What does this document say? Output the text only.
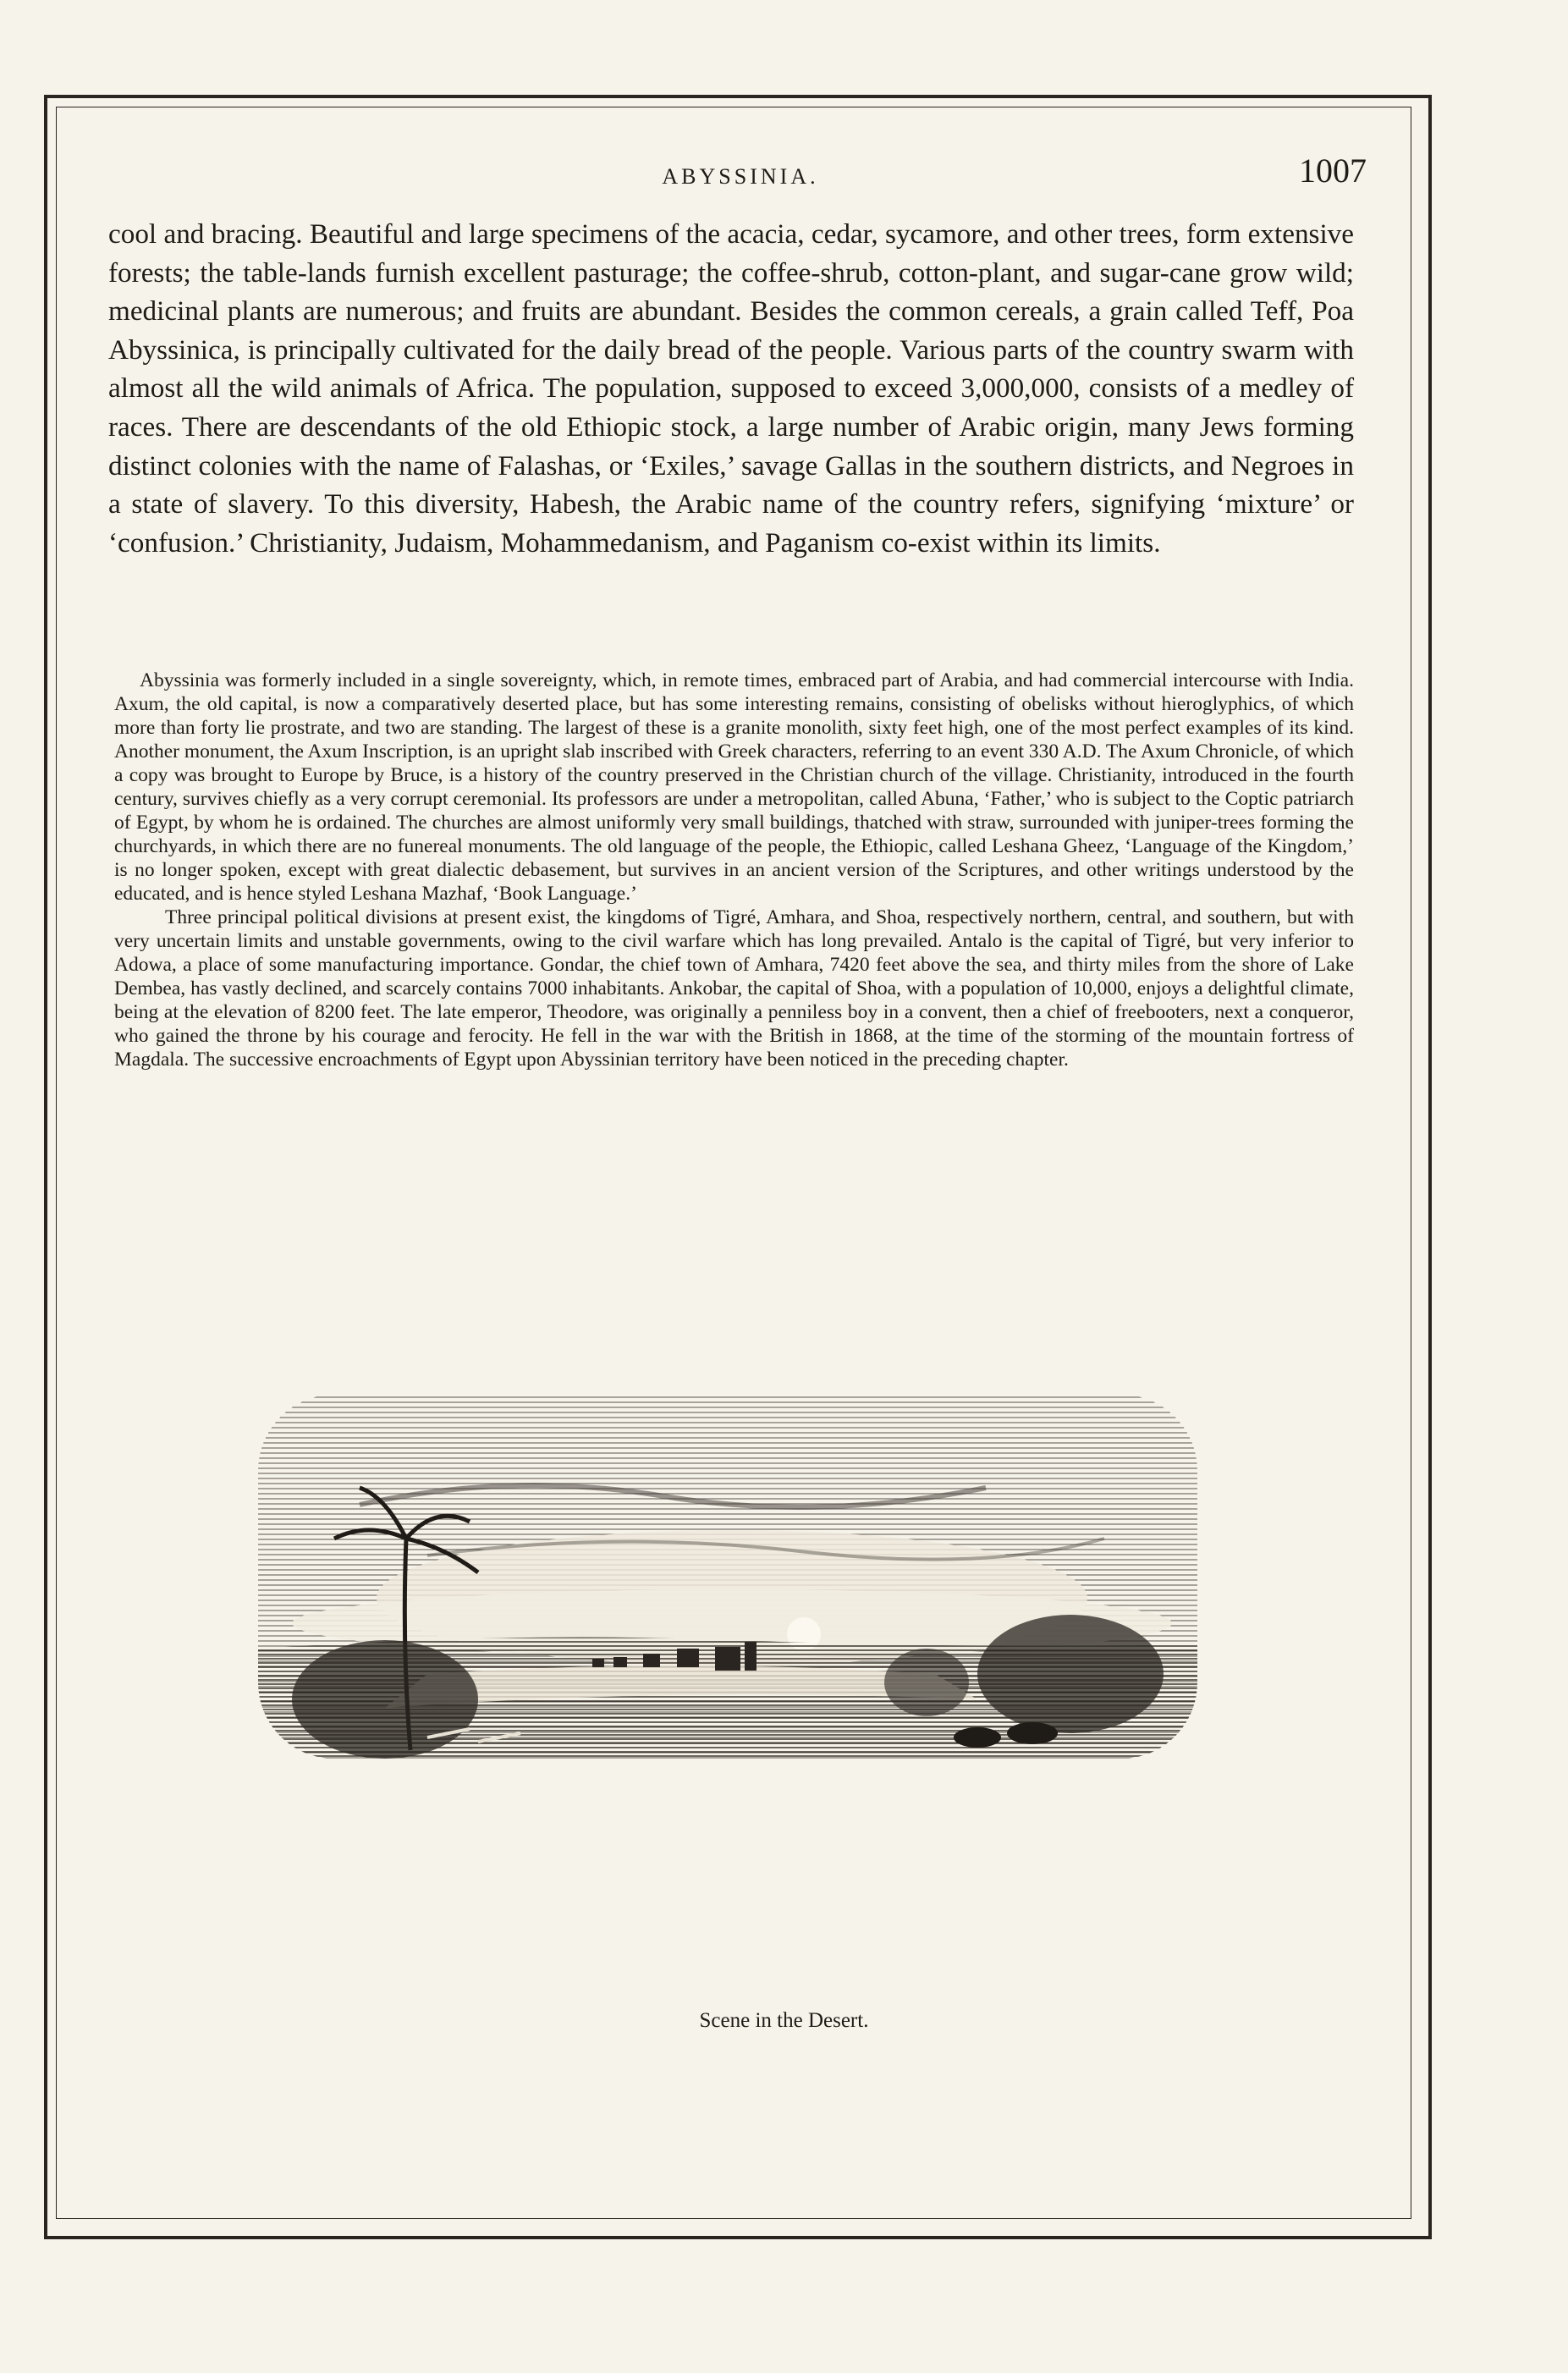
ABYSSINIA.	1007

cool and bracing. Beautiful and large specimens of the acacia, cedar, sycamore, and other trees, form extensive forests; the table-lands furnish excellent pasturage; the coffee-shrub, cotton-plant, and sugar-cane grow wild; medicinal plants are numerous; and fruits are abundant. Besides the common cereals, a grain called Teff, Poa Abyssinica, is principally cultivated for the daily bread of the people. Various parts of the country swarm with almost all the wild animals of Africa. The population, supposed to exceed 3,000,000, consists of a medley of races. There are descendants of the old Ethiopic stock, a large number of Arabic origin, many Jews forming distinct colonies with the name of Falashas, or ‘Exiles,’ savage Gallas in the southern districts, and Negroes in a state of slavery. To this diversity, Habesh, the Arabic name of the country refers, signifying ‘mixture’ or ‘confusion.’ Christianity, Judaism, Mohammedanism, and Paganism co-exist within its limits.

Abyssinia was formerly included in a single sovereignty, which, in remote times, embraced part of Arabia, and had commercial intercourse with India. Axum, the old capital, is now a comparatively deserted place, but has some interesting remains, consisting of obelisks without hieroglyphics, of which more than forty lie prostrate, and two are standing. The largest of these is a granite monolith, sixty feet high, one of the most perfect examples of its kind. Another monument, the Axum Inscription, is an upright slab inscribed with Greek characters, referring to an event 330 A.D. The Axum Chronicle, of which a copy was brought to Europe by Bruce, is a history of the country preserved in the Christian church of the village. Christianity, introduced in the fourth century, survives chiefly as a very corrupt ceremonial. Its professors are under a metropolitan, called Abuna, ‘Father,’ who is subject to the Coptic patriarch of Egypt, by whom he is ordained. The churches are almost uniformly very small buildings, thatched with straw, surrounded with juniper-trees forming the churchyards, in which there are no funereal monuments. The old language of the people, the Ethiopic, called Leshana Gheez, ‘Language of the Kingdom,’ is no longer spoken, except with great dialectic debasement, but survives in an ancient version of the Scriptures, and other writings understood by the educated, and is hence styled Leshana Mazhaf, ‘Book Language.’

Three principal political divisions at present exist, the kingdoms of Tigré, Amhara, and Shoa, respectively northern, central, and southern, but with very uncertain limits and unstable governments, owing to the civil warfare which has long prevailed. Antalo is the capital of Tigré, but very inferior to Adowa, a place of some manufacturing importance. Gondar, the chief town of Amhara, 7420 feet above the sea, and thirty miles from the shore of Lake Dembea, has vastly declined, and scarcely contains 7000 inhabitants. Ankobar, the capital of Shoa, with a population of 10,000, enjoys a delightful climate, being at the elevation of 8200 feet. The late emperor, Theodore, was originally a penniless boy in a convent, then a chief of freebooters, next a conqueror, who gained the throne by his courage and ferocity. He fell in the war with the British in 1868, at the time of the storming of the mountain fortress of Magdala. The successive encroachments of Egypt upon Abyssinian territory have been noticed in the preceding chapter.

Scene in the Desert.
